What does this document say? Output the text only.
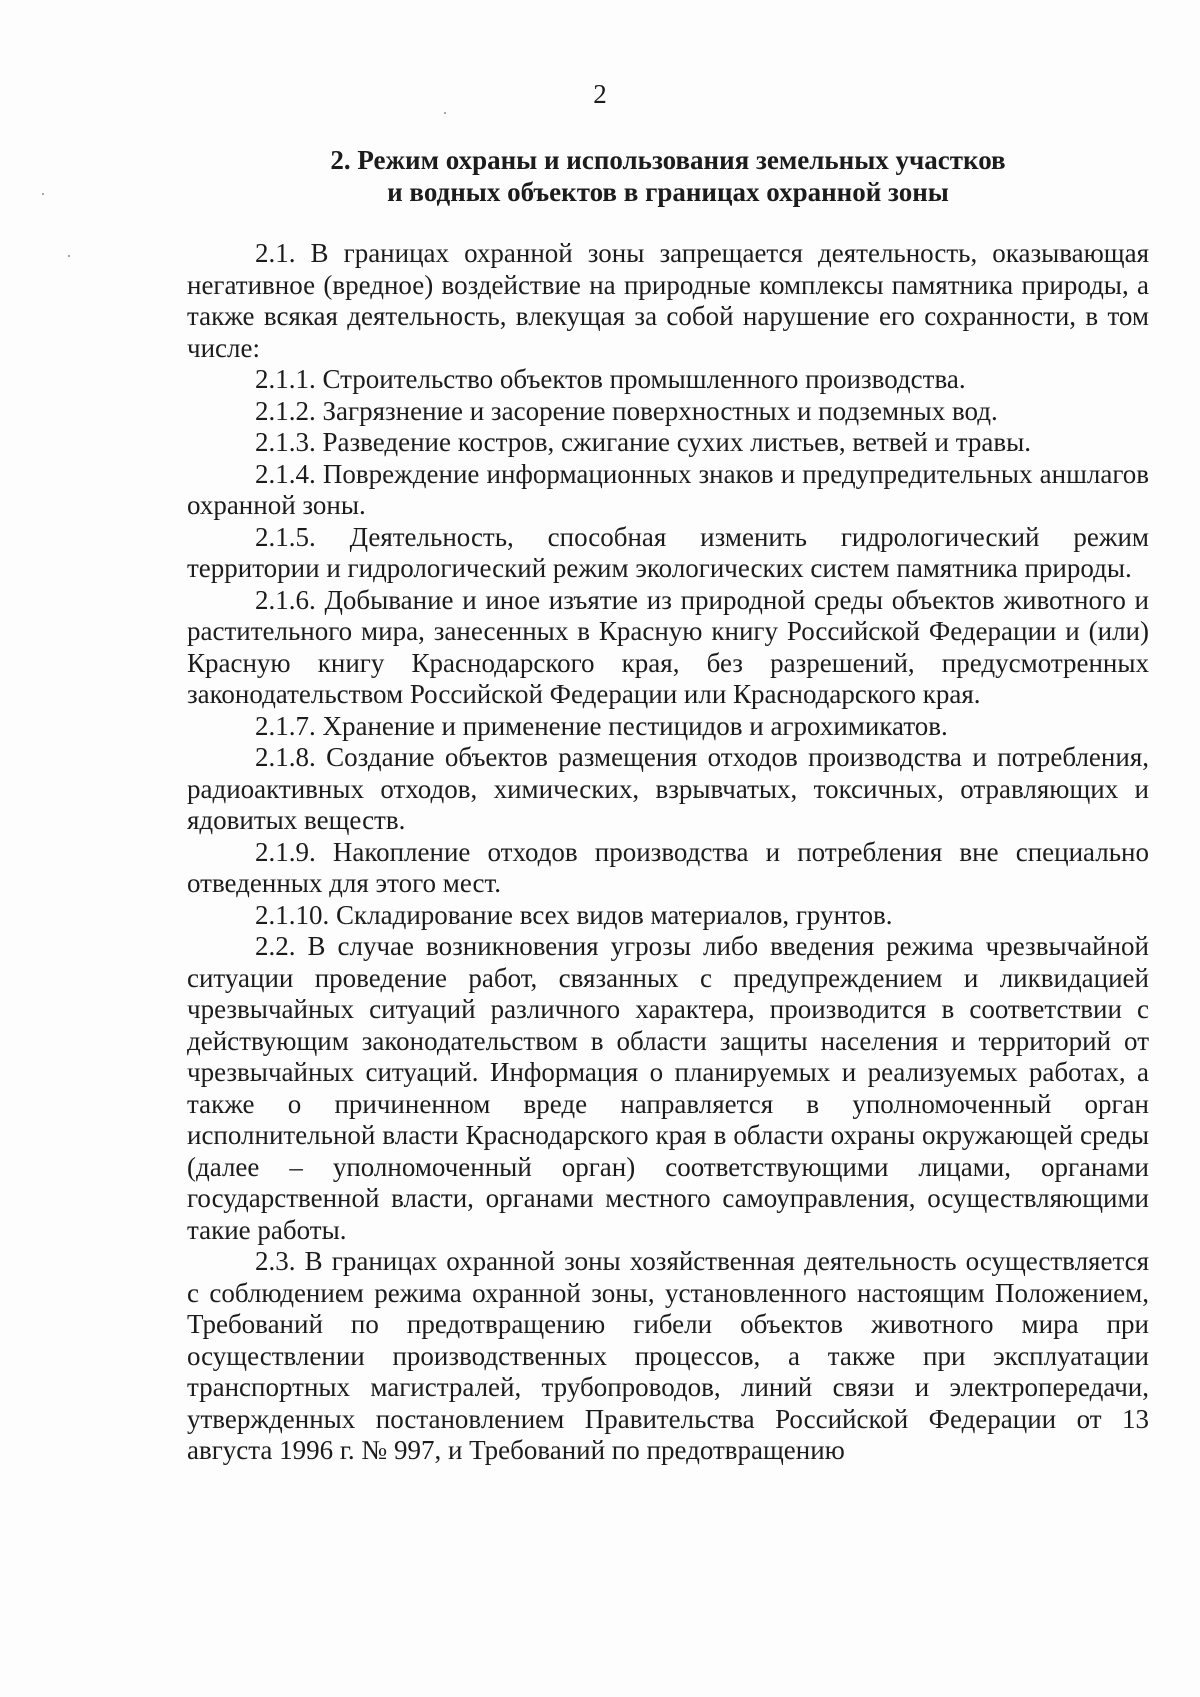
2
2. Режим охраны и использования земельных участков
и водных объектов в границах охранной зоны

2.1. В границах охранной зоны запрещается деятельность, оказывающая негативное (вредное) воздействие на природные комплексы памятника природы, а также всякая деятельность, влекущая за собой нарушение его сохранности, в том числе:

2.1.1. Строительство объектов промышленного производства.

2.1.2. Загрязнение и засорение поверхностных и подземных вод.

2.1.3. Разведение костров, сжигание сухих листьев, ветвей и травы.

2.1.4. Повреждение информационных знаков и предупредительных аншлагов охранной зоны.

2.1.5. Деятельность, способная изменить гидрологический режим территории и гидрологический режим экологических систем памятника природы.

2.1.6. Добывание и иное изъятие из природной среды объектов животного и растительного мира, занесенных в Красную книгу Российской Федерации и (или) Красную книгу Краснодарского края, без разрешений, предусмотренных законодательством Российской Федерации или Краснодарского края.

2.1.7. Хранение и применение пестицидов и агрохимикатов.

2.1.8. Создание объектов размещения отходов производства и потребления, радиоактивных отходов, химических, взрывчатых, токсичных, отравляющих и ядовитых веществ.

2.1.9. Накопление отходов производства и потребления вне специально отведенных для этого мест.

2.1.10. Складирование всех видов материалов, грунтов.

2.2. В случае возникновения угрозы либо введения режима чрезвычайной ситуации проведение работ, связанных с предупреждением и ликвидацией чрезвычайных ситуаций различного характера, производится в соответствии с действующим законодательством в области защиты населения и территорий от чрезвычайных ситуаций. Информация о планируемых и реализуемых работах, а также о причиненном вреде направляется в уполномоченный орган исполнительной власти Краснодарского края в области охраны окружающей среды (далее – уполномоченный орган) соответствующими лицами, органами государственной власти, органами местного самоуправления, осуществляющими такие работы.

2.3. В границах охранной зоны хозяйственная деятельность осуществляется с соблюдением режима охранной зоны, установленного настоящим Положением, Требований по предотвращению гибели объектов животного мира при осуществлении производственных процессов, а также при эксплуатации транспортных магистралей, трубопроводов, линий связи и электропередачи, утвержденных постановлением Правительства Российской Федерации от 13 августа 1996 г. № 997, и Требований по предотвращению
